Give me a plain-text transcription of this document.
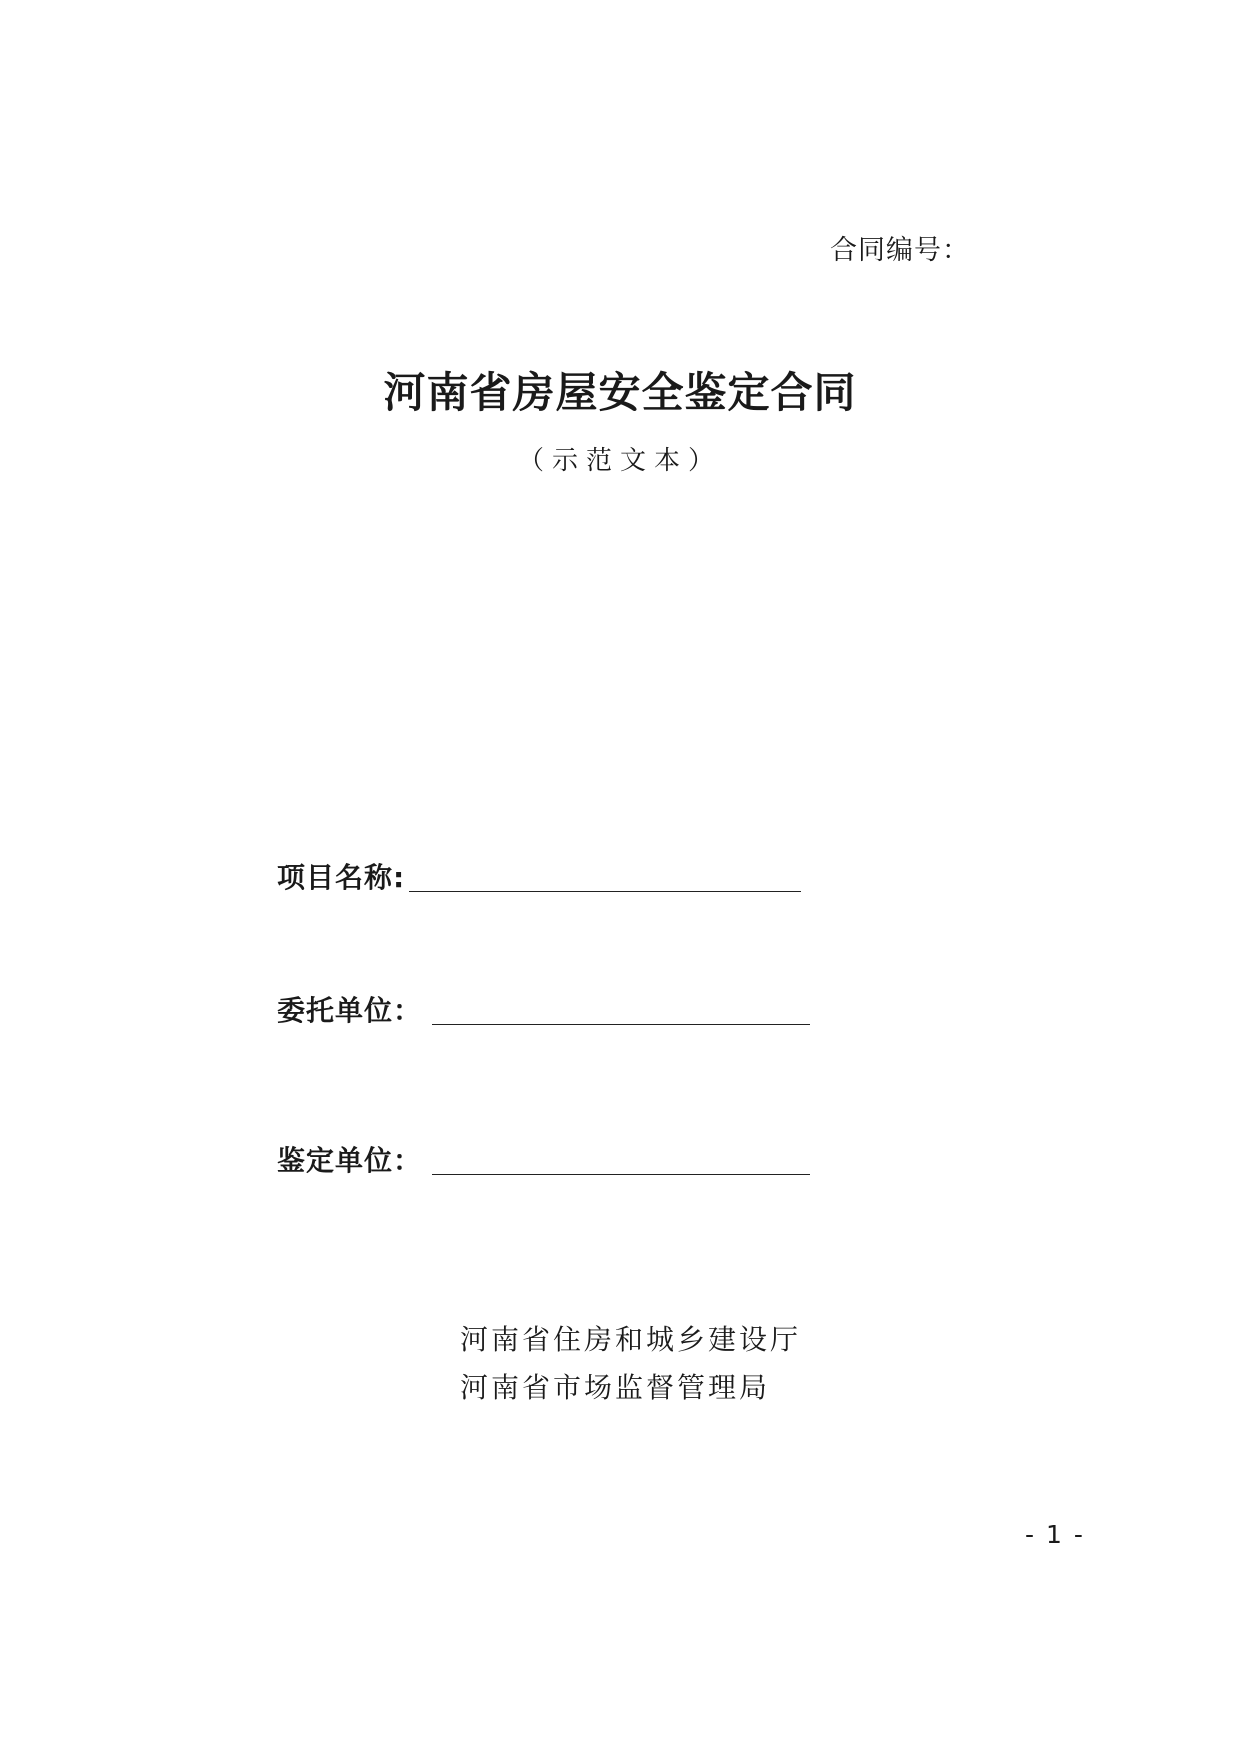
合同编号：
河南省房屋安全鉴定合同
（示范文本）
项目名称:
委托单位：
鉴定单位：
河南省住房和城乡建设厅
河南省市场监督管理局
- 1 -
